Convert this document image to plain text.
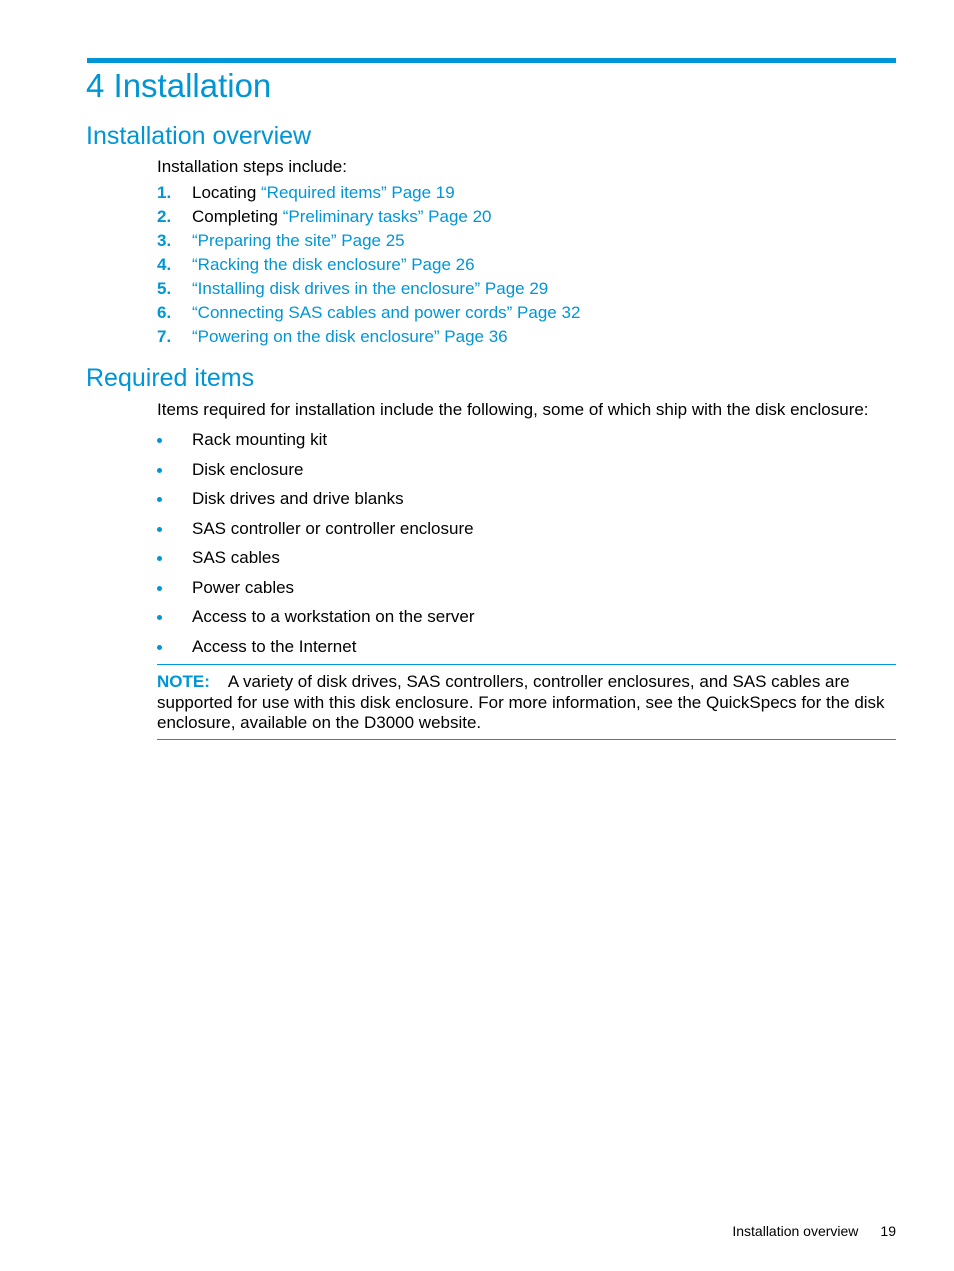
4 Installation
Installation overview

Installation steps include:

1.	Locating “Required items” Page 19
2.	Completing “Preliminary tasks” Page 20
3.	“Preparing the site” Page 25
4.	“Racking the disk enclosure” Page 26
5.	“Installing disk drives in the enclosure” Page 29
6.	“Connecting SAS cables and power cords” Page 32
7.	“Powering on the disk enclosure” Page 36
Required items

Items required for installation include the following, some of which ship with the disk enclosure:

Rack mounting kit
Disk enclosure
Disk drives and drive blanks
SAS controller or controller enclosure
SAS cables
Power cables
Access to a workstation on the server
Access to the Internet
NOTE: A variety of disk drives, SAS controllers, controller enclosures, and SAS cables are supported for use with this disk enclosure. For more information, see the QuickSpecs for the disk enclosure, available on the D3000 website.
Installation overview 19
